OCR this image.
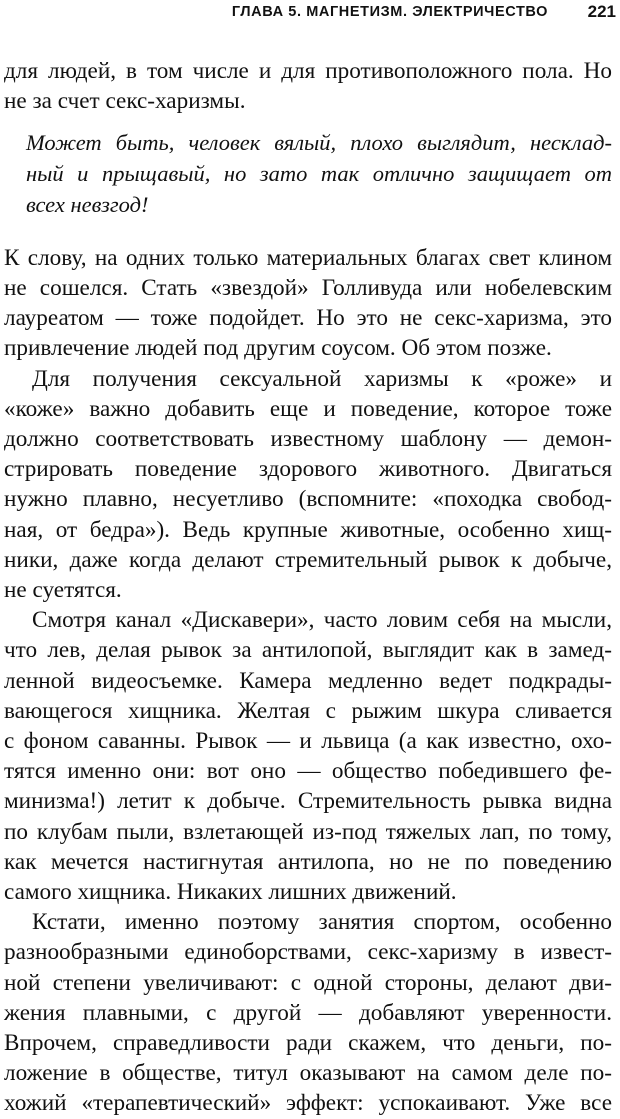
ГЛАВА 5. МАГНЕТИЗМ. ЭЛЕКТРИЧЕСТВО 221
для людей, в том числе и для противоположного пола. Но
не за счет секс-харизмы.
Может быть, человек вялый, плохо выглядит, несклад-
ный и прыщавый, но зато так отлично защищает от
всех невзгод!
К слову, на одних только материальных благах свет клином
не сошелся. Стать «звездой» Голливуда или нобелевским
лауреатом — тоже подойдет. Но это не секс-харизма, это
привлечение людей под другим соусом. Об этом позже.
Для получения сексуальной харизмы к «роже» и
«коже» важно добавить еще и поведение, которое тоже
должно соответствовать известному шаблону — демон-
стрировать поведение здорового животного. Двигаться
нужно плавно, несуетливо (вспомните: «походка свобод-
ная, от бедра»). Ведь крупные животные, особенно хищ-
ники, даже когда делают стремительный рывок к добыче,
не суетятся.
Смотря канал «Дискавери», часто ловим себя на мысли,
что лев, делая рывок за антилопой, выглядит как в замед-
ленной видеосъемке. Камера медленно ведет подкрады-
вающегося хищника. Желтая с рыжим шкура сливается
с фоном саванны. Рывок — и львица (а как известно, охо-
тятся именно они: вот оно — общество победившего фе-
минизма!) летит к добыче. Стремительность рывка видна
по клубам пыли, взлетающей из-под тяжелых лап, по тому,
как мечется настигнутая антилопа, но не по поведению
самого хищника. Никаких лишних движений.
Кстати, именно поэтому занятия спортом, особенно
разнообразными единоборствами, секс-харизму в извест-
ной степени увеличивают: с одной стороны, делают дви-
жения плавными, с другой — добавляют уверенности.
Впрочем, справедливости ради скажем, что деньги, по-
ложение в обществе, титул оказывают на самом деле по-
хожий «терапевтический» эффект: успокаивают. Уже все
